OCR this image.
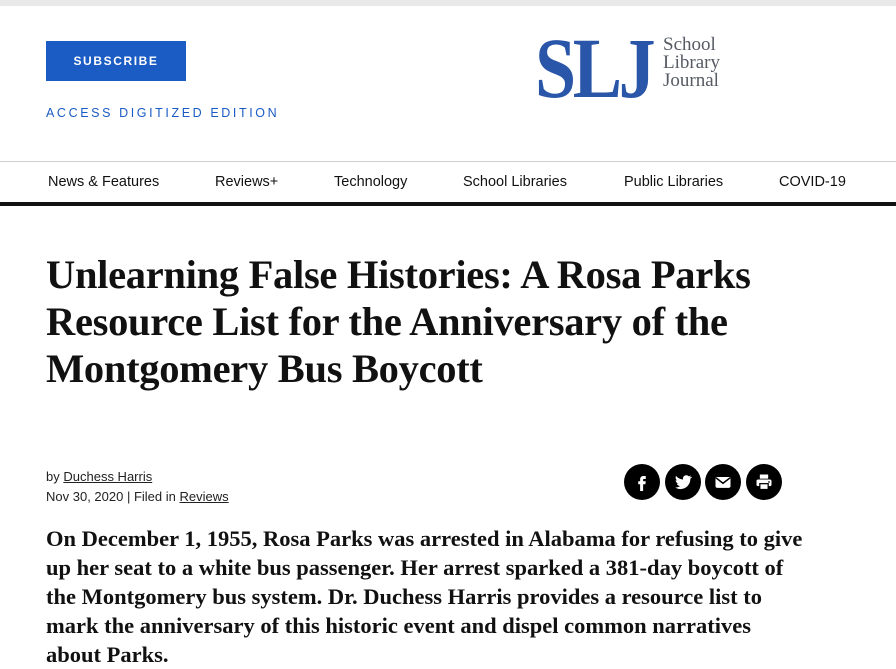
SUBSCRIBE
ACCESS DIGITIZED EDITION	SLJ School
Library
Journal
News & Features	Reviews+	Technology	School Libraries	Public Libraries	COVID-19
Unlearning False Histories: A Rosa Parks Resource List for the Anniversary of the Montgomery Bus Boycott
by Duchess Harris
Nov 30, 2020 | Filed in Reviews

On December 1, 1955, Rosa Parks was arrested in Alabama for refusing to give up her seat to a white bus passenger. Her arrest sparked a 381-day boycott of the Montgomery bus system. Dr. Duchess Harris provides a resource list to mark the anniversary of this historic event and dispel common narratives about Parks.
